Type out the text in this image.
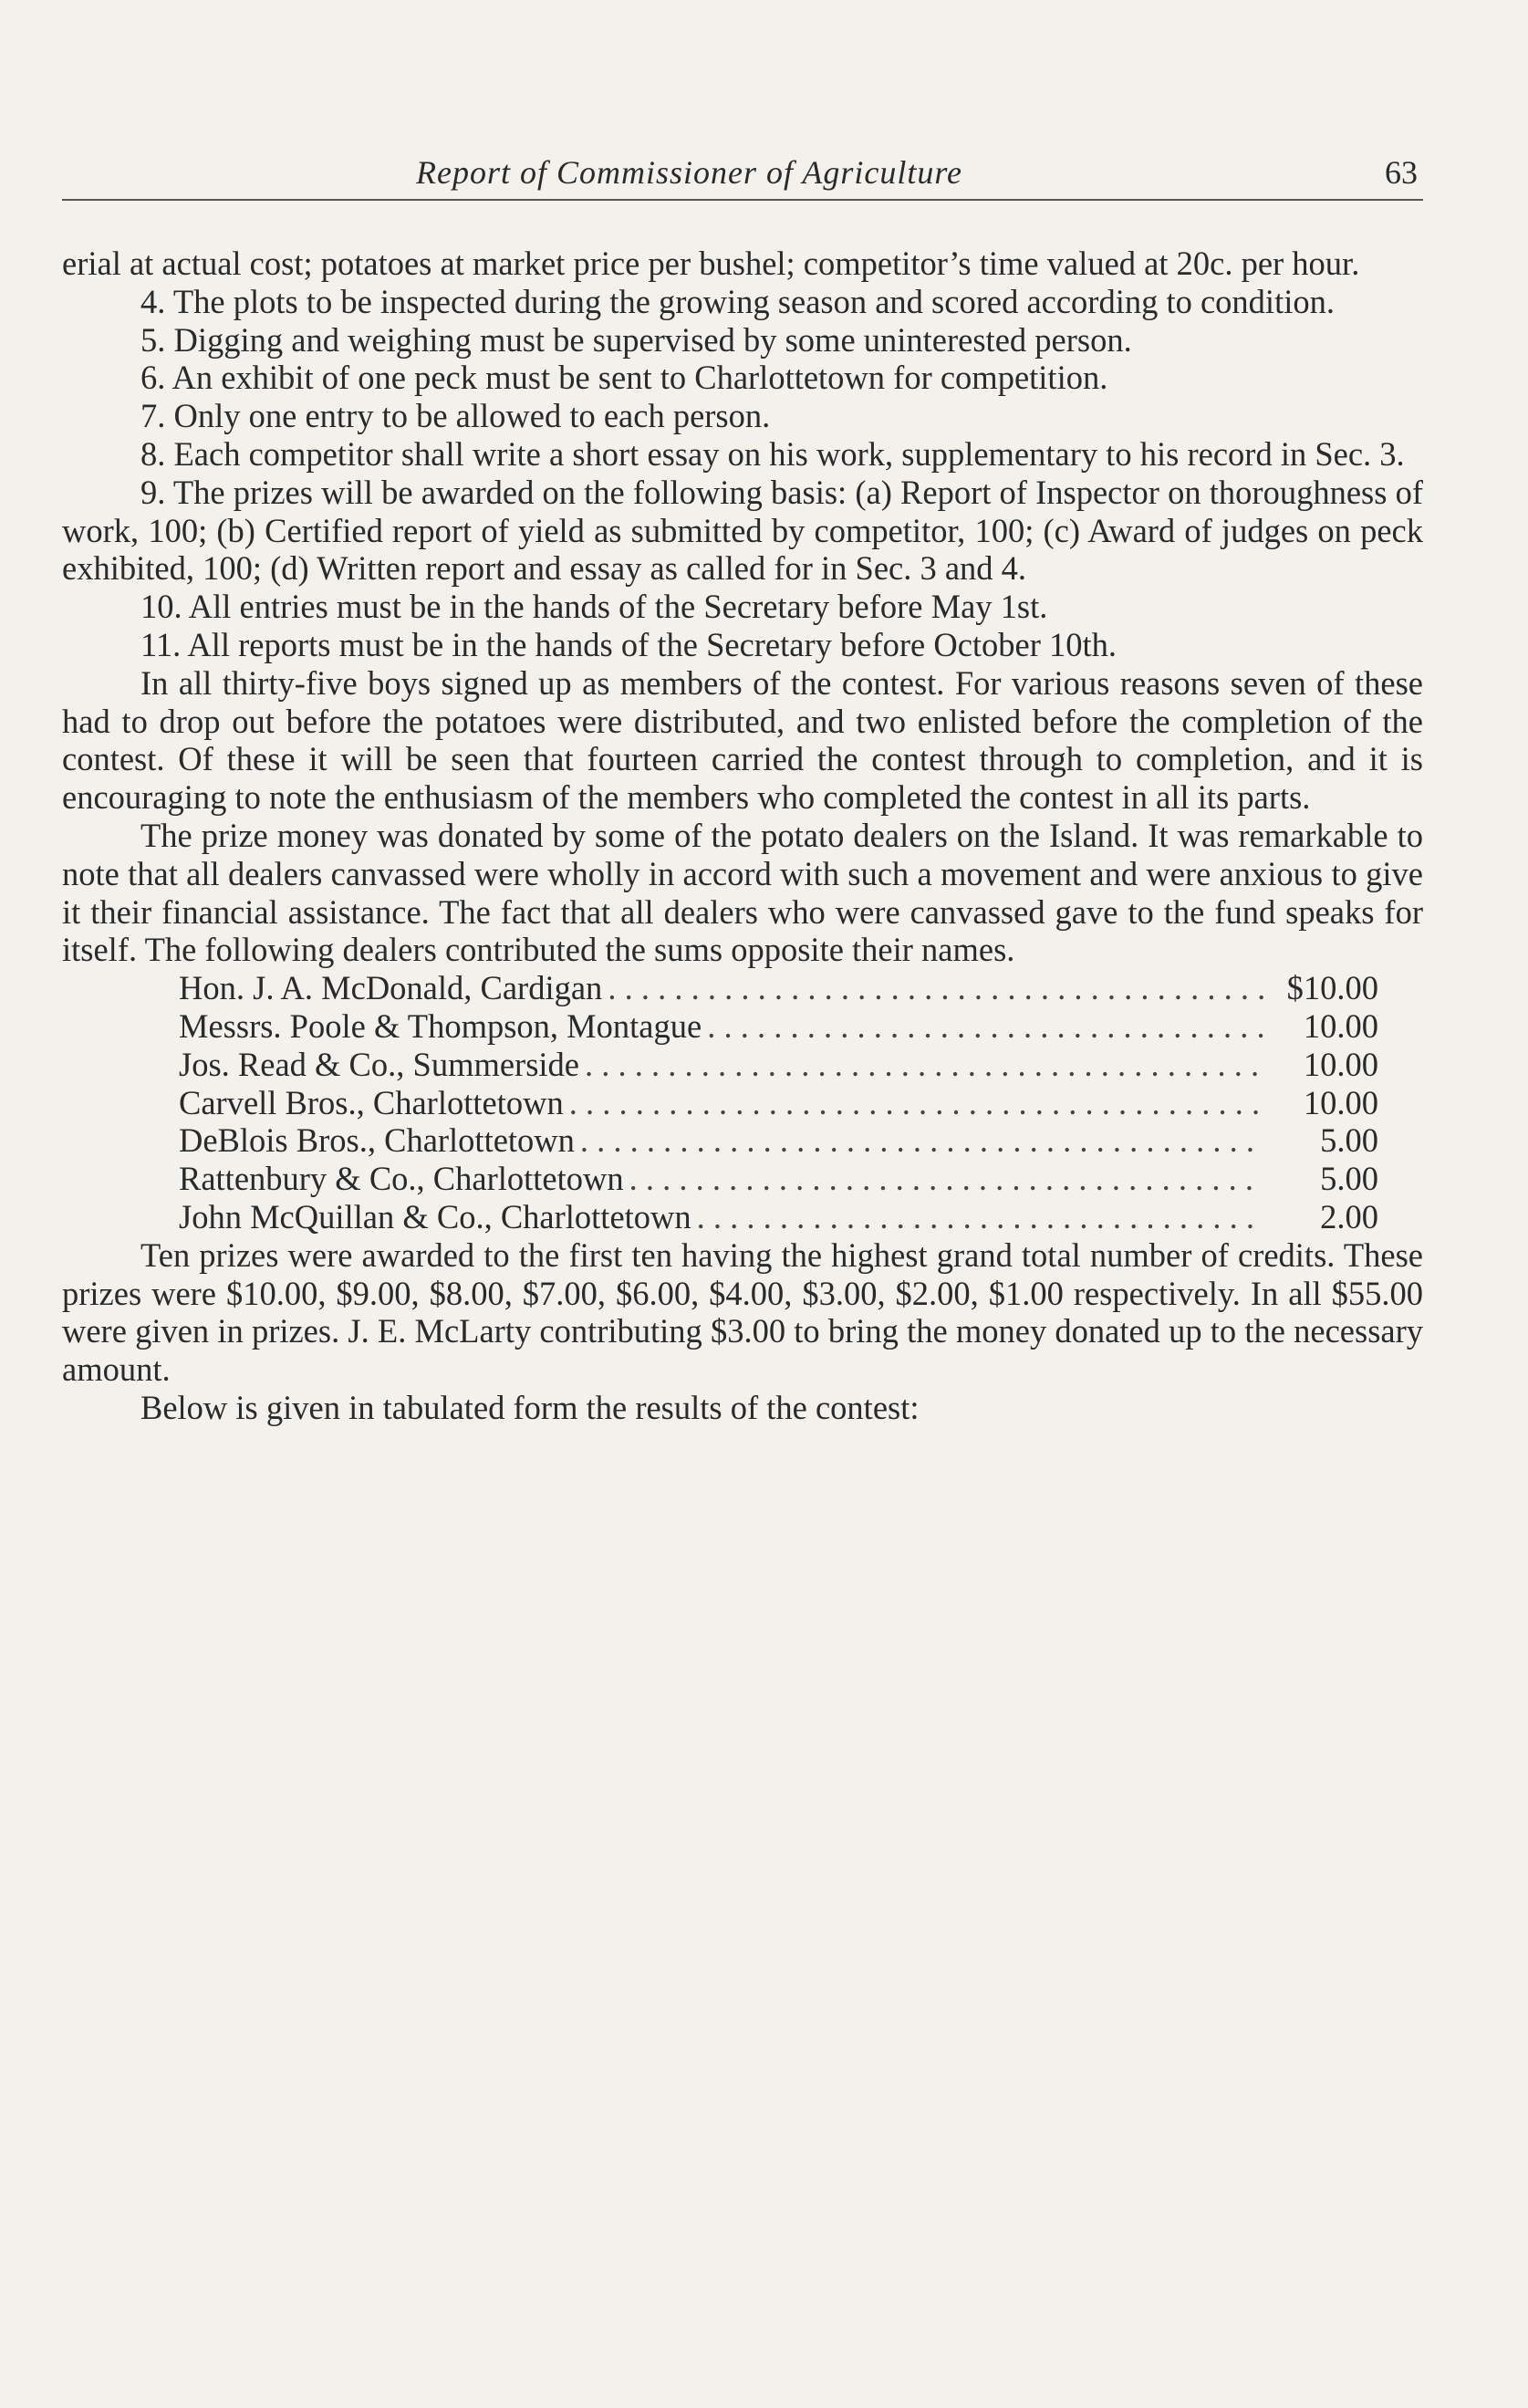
Report of Commissioner of Agriculture	63

erial at actual cost; potatoes at market price per bushel; competitor’s time valued at 20c. per hour.

4. The plots to be inspected during the growing season and scored according to condition.

5. Digging and weighing must be supervised by some uninterested person.

6. An exhibit of one peck must be sent to Charlottetown for competition.

7. Only one entry to be allowed to each person.

8. Each competitor shall write a short essay on his work, supplementary to his record in Sec. 3.

9. The prizes will be awarded on the following basis: (a) Report of Inspector on thoroughness of work, 100; (b) Certified report of yield as submitted by competitor, 100; (c) Award of judges on peck exhibited, 100; (d) Written report and essay as called for in Sec. 3 and 4.

10. All entries must be in the hands of the Secretary before May 1st.

11. All reports must be in the hands of the Secretary before October 10th.

In all thirty-five boys signed up as members of the contest. For various reasons seven of these had to drop out before the potatoes were distributed, and two enlisted before the completion of the contest. Of these it will be seen that fourteen carried the contest through to completion, and it is encouraging to note the enthusiasm of the members who completed the contest in all its parts.

The prize money was donated by some of the potato dealers on the Island. It was remarkable to note that all dealers canvassed were wholly in accord with such a movement and were anxious to give it their financial assistance. The fact that all dealers who were canvassed gave to the fund speaks for itself. The following dealers contributed the sums opposite their names.

Hon. J. A. McDonald, Cardigan . . .	$10.00
Messrs. Poole & Thompson, Montague . . .	10.00
Jos. Read & Co., Summerside . . .	10.00
Carvell Bros., Charlottetown . . .	10.00
DeBlois Bros., Charlottetown . . .	5.00
Rattenbury & Co., Charlottetown . . .	5.00
John McQuillan & Co., Charlottetown . . .	2.00

Ten prizes were awarded to the first ten having the highest grand total number of credits. These prizes were $10.00, $9.00, $8.00, $7.00, $6.00, $4.00, $3.00, $2.00, $1.00 respectively. In all $55.00 were given in prizes. J. E. McLarty contributing $3.00 to bring the money donated up to the necessary amount.

Below is given in tabulated form the results of the contest:
